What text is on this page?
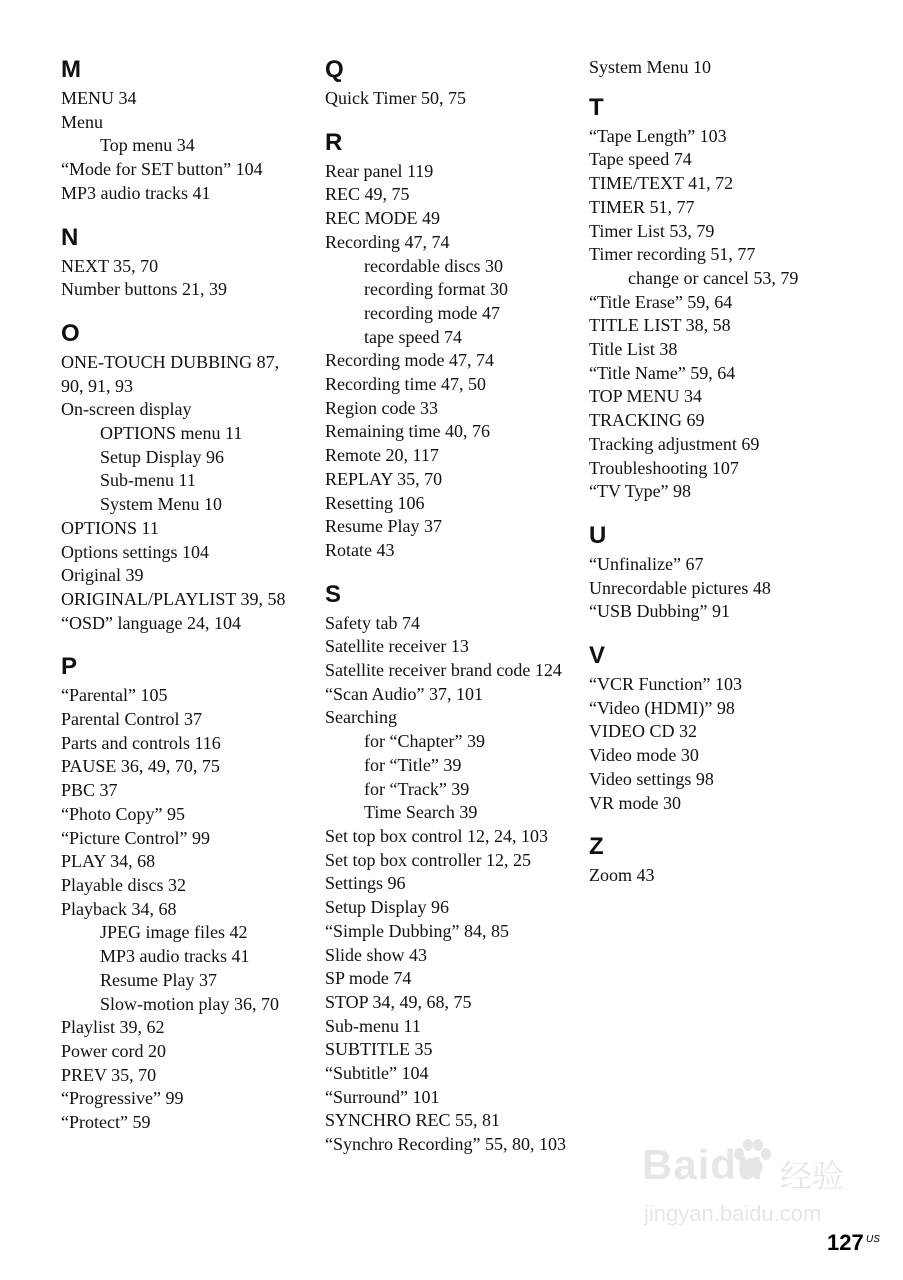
M
MENU 34
Menu
Top menu 34
“Mode for SET button” 104
MP3 audio tracks 41
N
NEXT 35, 70
Number buttons 21, 39
O
ONE-TOUCH DUBBING 87, 90, 91, 93
On-screen display
OPTIONS menu 11
Setup Display 96
Sub-menu 11
System Menu 10
OPTIONS 11
Options settings 104
Original 39
ORIGINAL/PLAYLIST 39, 58
“OSD” language 24, 104
P
“Parental” 105
Parental Control 37
Parts and controls 116
PAUSE 36, 49, 70, 75
PBC 37
“Photo Copy” 95
“Picture Control” 99
PLAY 34, 68
Playable discs 32
Playback 34, 68
JPEG image files 42
MP3 audio tracks 41
Resume Play 37
Slow-motion play 36, 70
Playlist 39, 62
Power cord 20
PREV 35, 70
“Progressive” 99
“Protect” 59
Q
Quick Timer 50, 75
R
Rear panel 119
REC 49, 75
REC MODE 49
Recording 47, 74
recordable discs 30
recording format 30
recording mode 47
tape speed 74
Recording mode 47, 74
Recording time 47, 50
Region code 33
Remaining time 40, 76
Remote 20, 117
REPLAY 35, 70
Resetting 106
Resume Play 37
Rotate 43
S
Safety tab 74
Satellite receiver 13
Satellite receiver brand code 124
“Scan Audio” 37, 101
Searching
for “Chapter” 39
for “Title” 39
for “Track” 39
Time Search 39
Set top box control 12, 24, 103
Set top box controller 12, 25
Settings 96
Setup Display 96
“Simple Dubbing” 84, 85
Slide show 43
SP mode 74
STOP 34, 49, 68, 75
Sub-menu 11
SUBTITLE 35
“Subtitle” 104
“Surround” 101
SYNCHRO REC 55, 81
“Synchro Recording” 55, 80, 103
System Menu 10
T
“Tape Length” 103
Tape speed 74
TIME/TEXT 41, 72
TIMER 51, 77
Timer List 53, 79
Timer recording 51, 77
change or cancel 53, 79
“Title Erase” 59, 64
TITLE LIST 38, 58
Title List 38
“Title Name” 59, 64
TOP MENU 34
TRACKING 69
Tracking adjustment 69
Troubleshooting 107
“TV Type” 98
U
“Unfinalize” 67
Unrecordable pictures 48
“USB Dubbing” 91
V
“VCR Function” 103
“Video (HDMI)” 98
VIDEO CD 32
Video mode 30
Video settings 98
VR mode 30
Z
Zoom 43
Baidu 经验
jingyan.baidu.com
127 US
